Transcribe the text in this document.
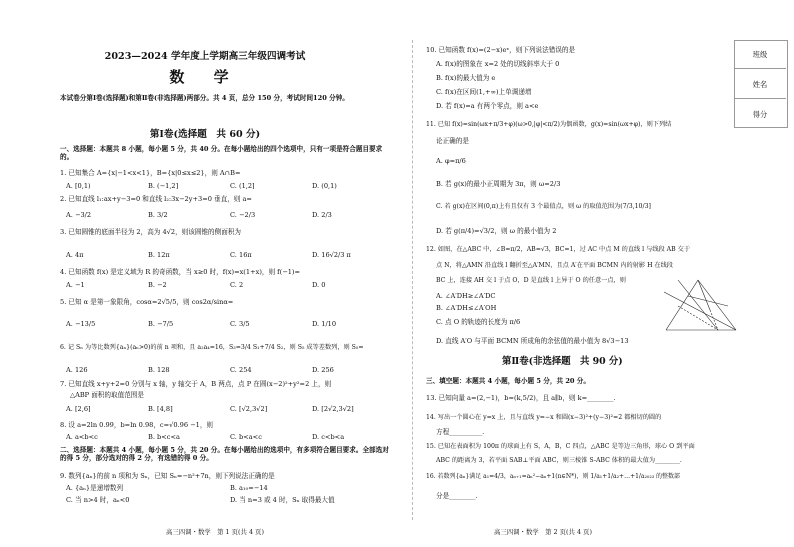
2023—2024 学年度上学期高三年级四调考试
数 学
本试卷分第Ⅰ卷(选择题)和第Ⅱ卷(非选择题)两部分。共 4 页，总分 150 分，考试时间120 分钟。
第Ⅰ卷(选择题　共 60 分)
一、选择题：本题共 8 小题，每小题 5 分，共 40 分。在每小题给出的四个选项中，只有一项是符合题目要求的。
1. 已知集合 A={x|−1<x<1}，B={x|0≤x≤2}，则 A∩B=
A. [0,1)	B. (−1,2]	C. (1,2]	D. (0,1)
2. 已知直线 l₁:ax+y−3=0 和直线 l₂:3x−2y+3=0 垂直，则 a=
A. −3/2	B. 3/2	C. −2/3	D. 2/3
3. 已知圆锥的底面半径为 2，高为 4√2，则该圆锥的侧面积为
A. 4π	B. 12π	C. 16π	D. 16√2/3 π
4. 已知函数 f(x) 是定义域为 R 的奇函数，当 x≥0 时，f(x)=x(1+x)，则 f(−1)=
A. −1	B. −2	C. 2	D. 0
5. 已知 α 是第一象限角，cosα=2√5/5，则 cos2α/sinα=
A. −13/5	B. −7/5	C. 3/5	D. 1/10
6. 记 Sₙ 为等比数列{aₙ}(aₙ>0)的前 n 项和，且 a₂a₄=16，S₃=3/4 S₁+7/4 S₂，则 S₅ 成等差数列，则 S₅=
A. 126	B. 128	C. 254	D. 256
7. 已知直线 x+y+2=0 分别与 x 轴，y 轴交于 A，B 两点，点 P 在圆(x−2)²+y²=2 上，则
△ABP 面积的取值范围是
A. [2,6]	B. [4,8]	C. [√2,3√2]	D. [2√2,3√2]
8. 设 a=2ln 0.99，b=ln 0.98，c=√0.96 −1，则
A. a<b<c	B. b<c<a	C. b<a<c	D. c<b<a
二、选择题：本题共 4 小题，每小题 5 分，共 20 分。在每小题给出的选项中，有多项符合题目要求。全部选对的得 5 分，部分选对的得 2 分，有选错的得 0 分。
9. 数列{aₙ}的前 n 项和为 Sₙ，已知 Sₙ=−n²+7n，则下列说法正确的是
A. {aₙ}是递增数列	B. a₁₀=−14
C. 当 n>4 时，aₙ<0	D. 当 n=3 或 4 时，Sₙ 取得最大值
高三四调・数学　第 1 页(共 4 页)
10. 已知函数 f(x)=(2−x)eˣ，则下列说法错误的是
A. f(x)的图象在 x=2 处的切线斜率大于 0
B. f(x)的最大值为 e
C. f(x)在区间(1,+∞)上单调递增
D. 若 f(x)=a 有两个零点，则 a<e
11. 已知 f(x)=sin(ωx+π/3+φ)(ω>0,|φ|<π/2)为偶函数，g(x)=sin(ωx+φ)，则下列结
论正确的是
A. φ=π/6
B. 若 g(x)的最小正周期为 3π，则 ω=2/3
C. 若 g(x)在区间(0,π)上有且仅有 3 个最值点，则 ω 的取值范围为(7/3,10/3]
D. 若 g(π/4)=√3/2，则 ω 的最小值为 2
12. 如图，在△ABC 中，∠B=π/2，AB=√3，BC=1，过 AC 中点 M 的直线 l 与线段 AB 交于
点 N，将△AMN 沿直线 l 翻折至△A′MN，且点 A′在平面 BCMN 内的射影 H 在线段
BC 上，连接 AH 交 l 于点 O，D 是直线 l 上异于 O 的任意一点，则
A. ∠A′DH≥∠A′DC
B. ∠A′DH≤∠A′OH
C. 点 O 的轨迹的长度为 π/6
D. 直线 A′O 与平面 BCMN 所成角的余弦值的最小值为 8√3−13
第Ⅱ卷(非选择题　共 90 分)
三、填空题：本题共 4 小题，每小题 5 分，共 20 分。
13. 已知向量 a=(2,−1)，b=(k,5/2)，且 a∥b，则 k=________.
14. 写出一个圆心在 y=x 上，且与直线 y=−x 和圆(x−3)²+(y−3)²=2 都相切的圆的
方程__________.
15. 已知在表面积为 100π 的球面上有 S，A，B，C 四点，△ABC 是等边三角形，球心 O 到平面
ABC 的距离为 3，若平面 SAB⊥平面 ABC，则三棱锥 S-ABC 体积的最大值为________.
16. 若数列{aₙ}满足 a₁=4/3，aₙ₊₁=aₙ²−aₙ+1(n∈N*)，则 1/a₁+1/a₂+…+1/a₂₀₂₃ 的整数部
分是________.
高三四调・数学　第 2 页(共 4 页)
班级
姓名
得分
